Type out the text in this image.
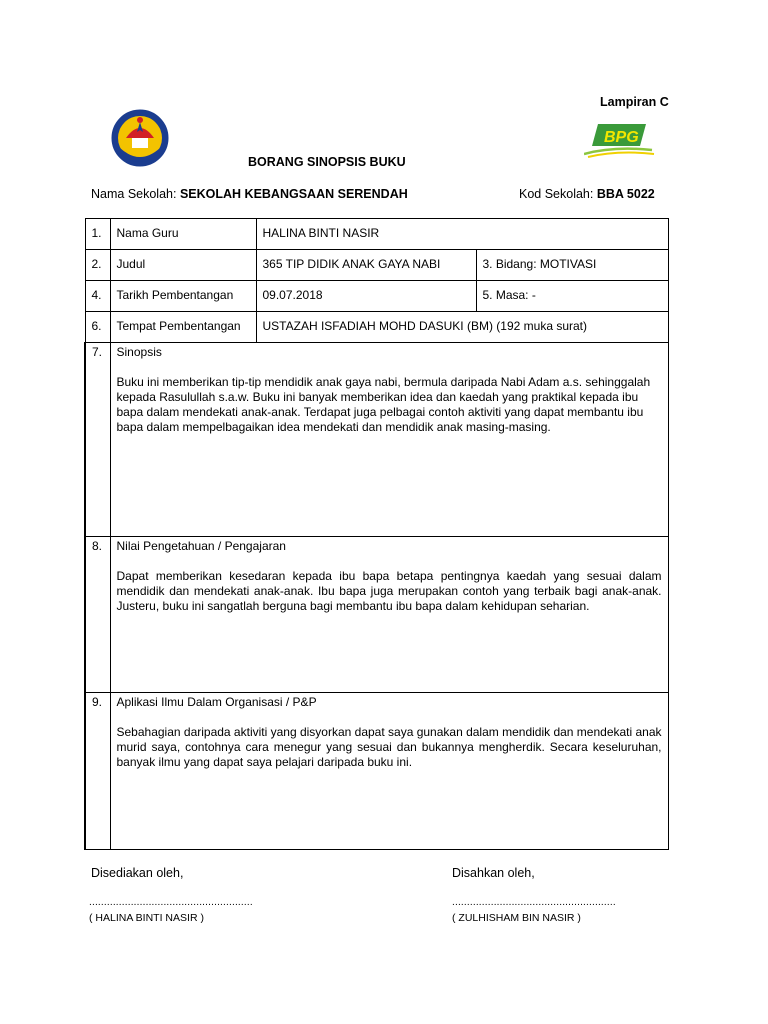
Lampiran C
BPG
BORANG SINOPSIS BUKU
Nama Sekolah: SEKOLAH KEBANGSAAN SERENDAH	Kod Sekolah: BBA 5022
1.	Nama Guru	HALINA BINTI NASIR	
2.	Judul	365 TIP DIDIK ANAK GAYA NABI	3. Bidang: MOTIVASI
4.	Tarikh Pembentangan	09.07.2018	5. Masa: -
6.	Tempat Pembentangan	USTAZAH ISFADIAH MOHD DASUKI (BM) (192 muka surat)	
7.	Sinopsis
Buku ini memberikan tip-tip mendidik anak gaya nabi, bermula daripada Nabi Adam a.s. sehinggalah kepada Rasulullah s.a.w. Buku ini banyak memberikan idea dan kaedah yang praktikal kepada ibu bapa dalam mendekati anak-anak. Terdapat juga pelbagai contoh aktiviti yang dapat membantu ibu bapa dalam mempelbagaikan idea mendekati dan mendidik anak masing-masing.		

8.	Nilai Pengetahuan / Pengajaran
Dapat memberikan kesedaran kepada ibu bapa betapa pentingnya kaedah yang sesuai dalam mendidik dan mendekati anak-anak. Ibu bapa juga merupakan contoh yang terbaik bagi anak-anak. Justeru, buku ini sangatlah berguna bagi membantu ibu bapa dalam kehidupan seharian.		

9.	Aplikasi Ilmu Dalam Organisasi / P&P
Sebahagian daripada aktiviti yang disyorkan dapat saya gunakan dalam mendidik dan mendekati anak murid saya, contohnya cara menegur yang sesuai dan bukannya mengherdik. Secara keseluruhan, banyak ilmu yang dapat saya pelajari daripada buku ini.		
Disediakan oleh,	Disahkan oleh,
.......................................................	.......................................................
( HALINA BINTI NASIR )	( ZULHISHAM BIN NASIR )
